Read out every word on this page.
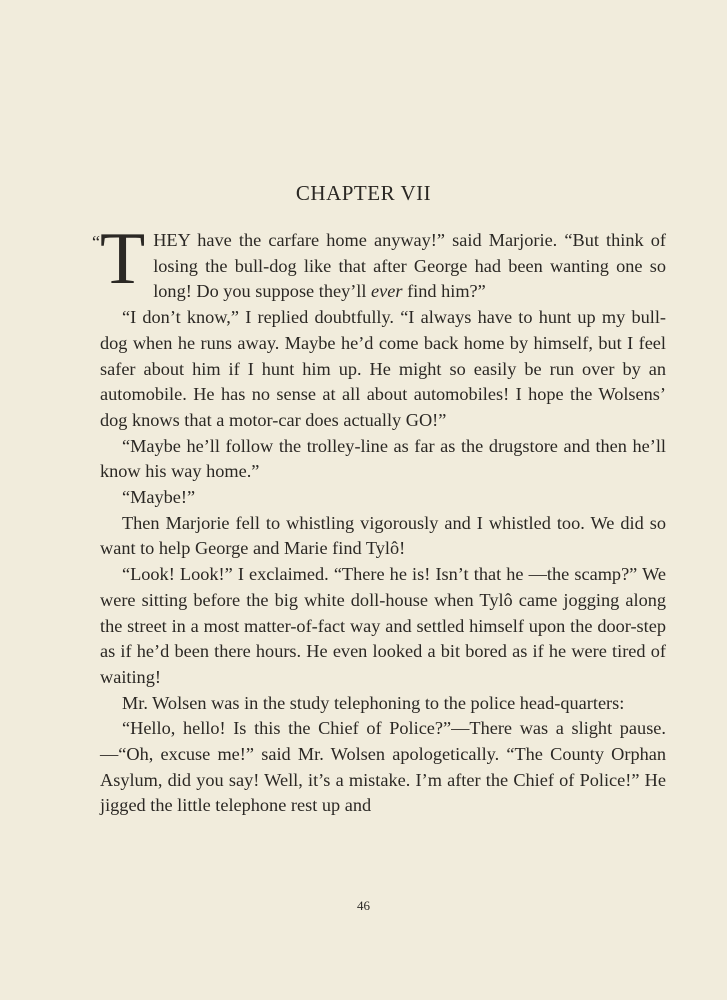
CHAPTER VII

“ T HEY have the carfare home anyway!” said Marjorie. “But think of losing the bull-dog like that after George had been wanting one so long! Do you suppose they’ll ever find him?”

“I don’t know,” I replied doubtfully. “I always have to hunt up my bull-dog when he runs away. Maybe he’d come back home by himself, but I feel safer about him if I hunt him up. He might so easily be run over by an automobile. He has no sense at all about automobiles! I hope the Wolsens’ dog knows that a motor-car does actually GO!”

“Maybe he’ll follow the trolley-line as far as the drugstore and then he’ll know his way home.”

“Maybe!”

Then Marjorie fell to whistling vigorously and I whistled too. We did so want to help George and Marie find Tylô!

“Look! Look!” I exclaimed. “There he is! Isn’t that he —the scamp?” We were sitting before the big white doll-house when Tylô came jogging along the street in a most matter-of-fact way and settled himself upon the door-step as if he’d been there hours. He even looked a bit bored as if he were tired of waiting!

Mr. Wolsen was in the study telephoning to the police head-quarters:

“Hello, hello! Is this the Chief of Police?”—There was a slight pause.—“Oh, excuse me!” said Mr. Wolsen apologetically. “The County Orphan Asylum, did you say! Well, it’s a mistake. I’m after the Chief of Police!” He jigged the little telephone rest up and

46
